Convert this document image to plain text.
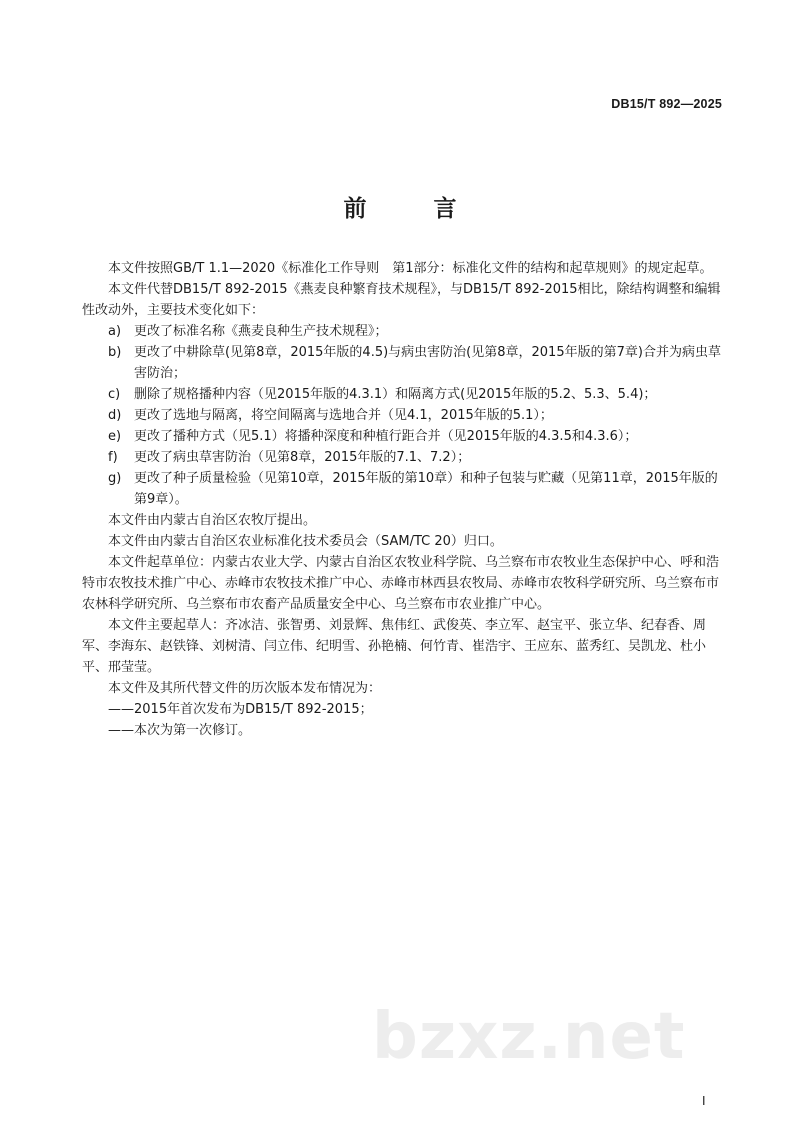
DB15/T 892—2025
前　言

本文件按照GB/T 1.1—2020《标准化工作导则　第1部分：标准化文件的结构和起草规则》的规定起草。

本文件代替DB15/T 892-2015《燕麦良种繁育技术规程》，与DB15/T 892-2015相比，除结构调整和编辑性改动外，主要技术变化如下：

a) 更改了标准名称《燕麦良种生产技术规程》；
b) 更改了中耕除草(见第8章，2015年版的4.5)与病虫害防治(见第8章，2015年版的第7章)合并为病虫草害防治；
c)	删除了规格播种内容（见2015年版的4.3.1）和隔离方式(见2015年版的5.2、5.3、5.4)；
d) 更改了选地与隔离，将空间隔离与选地合并（见4.1，2015年版的5.1）；
e) 更改了播种方式（见5.1）将播种深度和种植行距合并（见2015年版的4.3.5和4.3.6）；
f)	更改了病虫草害防治（见第8章，2015年版的7.1、7.2）；
g) 更改了种子质量检验（见第10章，2015年版的第10章）和种子包装与贮藏（见第11章，2015年版的第9章）。

本文件由内蒙古自治区农牧厅提出。

本文件由内蒙古自治区农业标准化技术委员会（SAM/TC 20）归口。

本文件起草单位：内蒙古农业大学、内蒙古自治区农牧业科学院、乌兰察布市农牧业生态保护中心、呼和浩特市农牧技术推广中心、赤峰市农牧技术推广中心、赤峰市林西县农牧局、赤峰市农牧科学研究所、乌兰察布市农林科学研究所、乌兰察布市农畜产品质量安全中心、乌兰察布市农业推广中心。

本文件主要起草人：齐冰洁、张智勇、刘景辉、焦伟红、武俊英、李立军、赵宝平、张立华、纪春香、周军、李海东、赵铁锋、刘树清、闫立伟、纪明雪、孙艳楠、何竹青、崔浩宇、王应东、蓝秀红、吴凯龙、杜小平、邢莹莹。

本文件及其所代替文件的历次版本发布情况为：

——2015年首次发布为DB15/T 892-2015；

——本次为第一次修订。

bzxz.net
I
